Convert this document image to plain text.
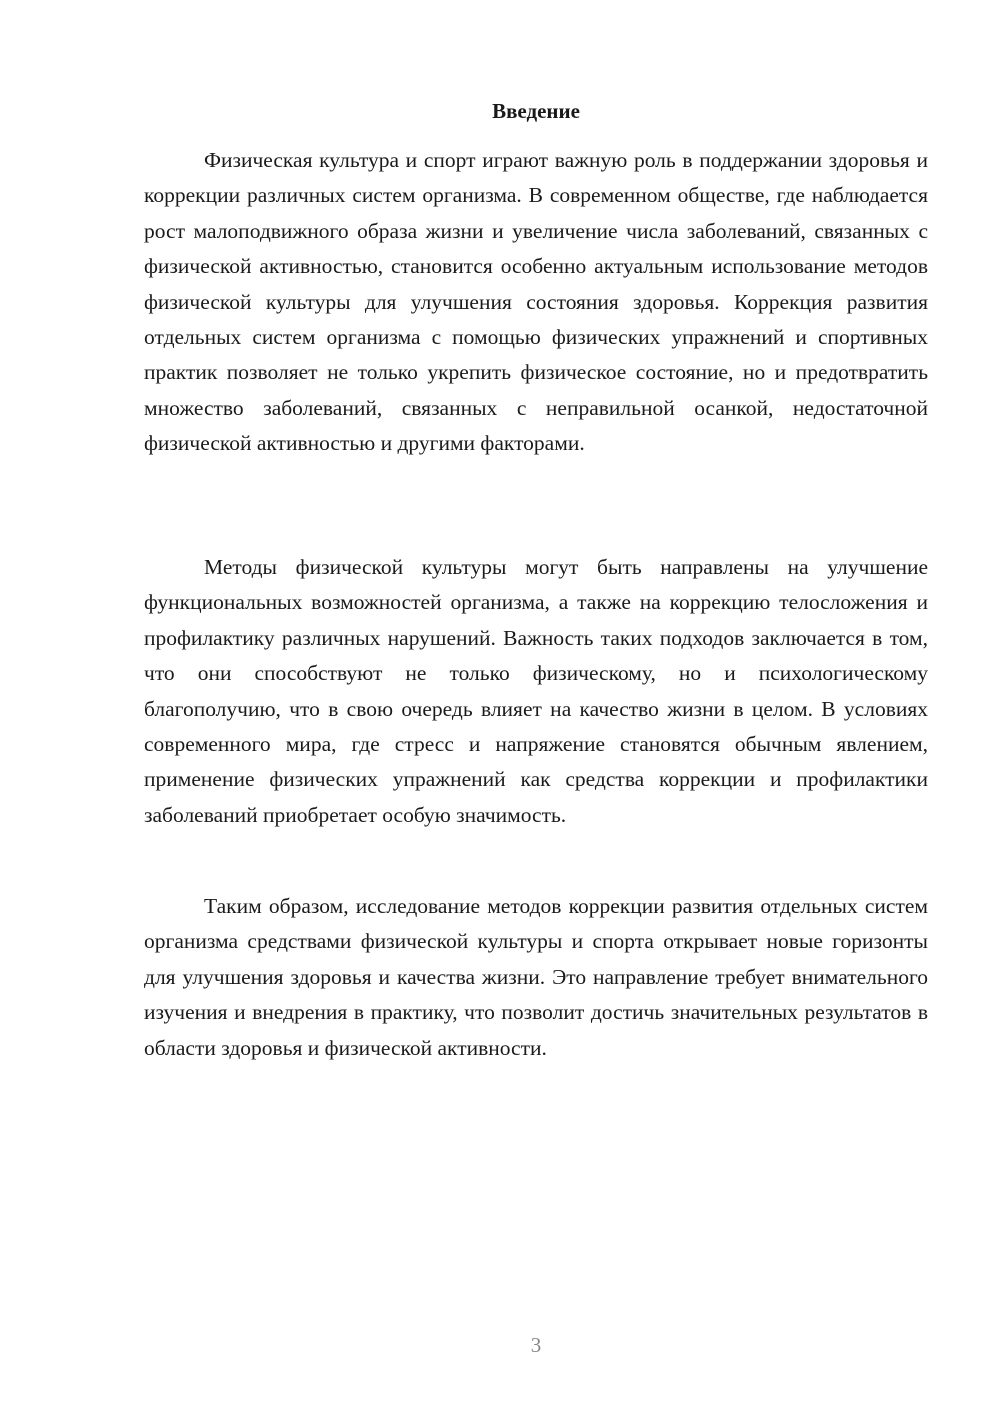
Введение

Физическая культура и спорт играют важную роль в поддержании здоровья и коррекции различных систем организма. В современном обществе, где наблюдается рост малоподвижного образа жизни и увеличение числа заболеваний, связанных с физической активностью, становится особенно актуальным использование методов физической культуры для улучшения состояния здоровья. Коррекция развития отдельных систем организма с помощью физических упражнений и спортивных практик позволяет не только укрепить физическое состояние, но и предотвратить множество заболеваний, связанных с неправильной осанкой, недостаточной физической активностью и другими факторами.

Методы физической культуры могут быть направлены на улучшение функциональных возможностей организма, а также на коррекцию телосложения и профилактику различных нарушений. Важность таких подходов заключается в том, что они способствуют не только физическому, но и психологическому благополучию, что в свою очередь влияет на качество жизни в целом. В условиях современного мира, где стресс и напряжение становятся обычным явлением, применение физических упражнений как средства коррекции и профилактики заболеваний приобретает особую значимость.

Таким образом, исследование методов коррекции развития отдельных систем организма средствами физической культуры и спорта открывает новые горизонты для улучшения здоровья и качества жизни. Это направление требует внимательного изучения и внедрения в практику, что позволит достичь значительных результатов в области здоровья и физической активности.

3
